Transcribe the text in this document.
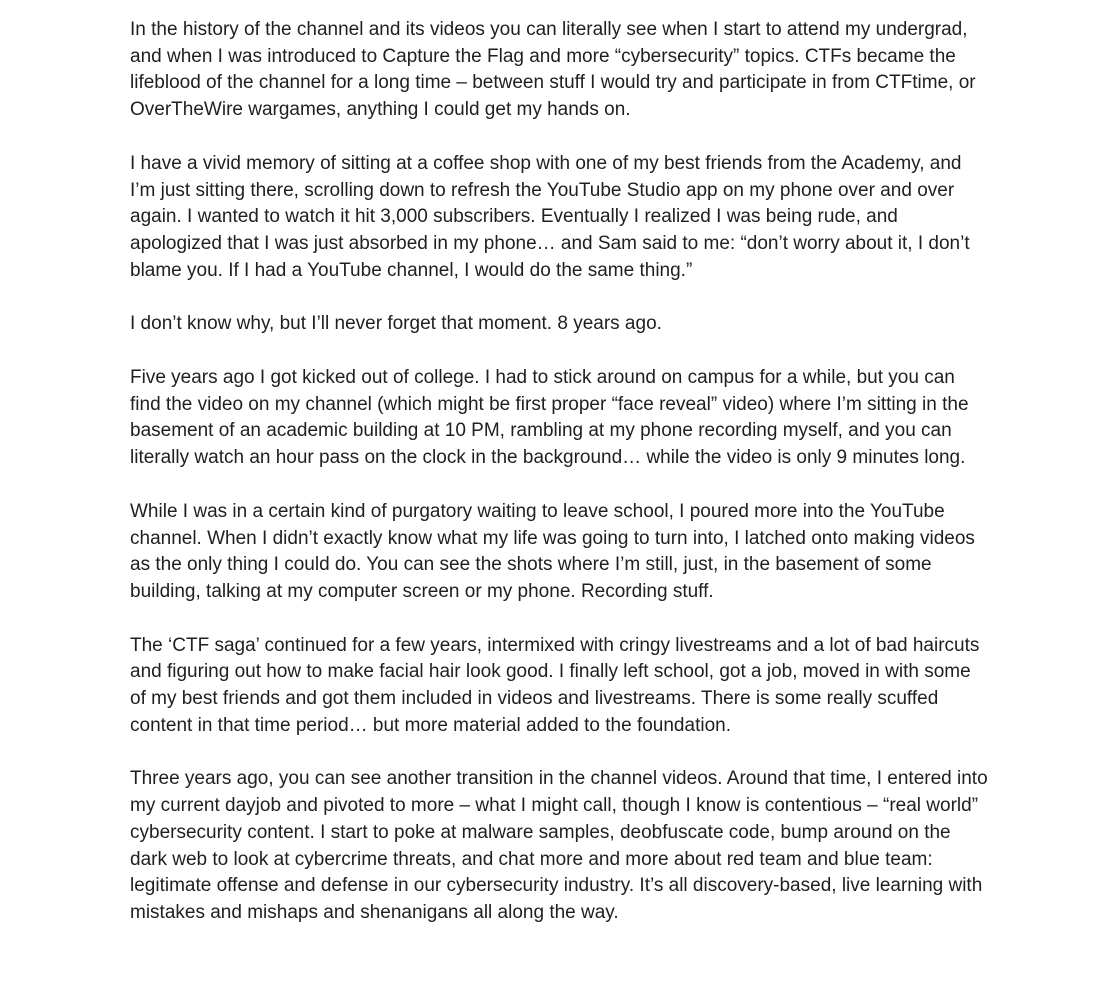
In the history of the channel and its videos you can literally see when I start to attend my undergrad, and when I was introduced to Capture the Flag and more “cybersecurity” topics. CTFs became the lifeblood of the channel for a long time – between stuff I would try and participate in from CTFtime, or OverTheWire wargames, anything I could get my hands on.

I have a vivid memory of sitting at a coffee shop with one of my best friends from the Academy, and I’m just sitting there, scrolling down to refresh the YouTube Studio app on my phone over and over again. I wanted to watch it hit 3,000 subscribers. Eventually I realized I was being rude, and apologized that I was just absorbed in my phone… and Sam said to me: “don’t worry about it, I don’t blame you. If I had a YouTube channel, I would do the same thing.”

I don’t know why, but I’ll never forget that moment. 8 years ago.

Five years ago I got kicked out of college. I had to stick around on campus for a while, but you can find the video on my channel (which might be first proper “face reveal” video) where I’m sitting in the basement of an academic building at 10 PM, rambling at my phone recording myself, and you can literally watch an hour pass on the clock in the background… while the video is only 9 minutes long.

While I was in a certain kind of purgatory waiting to leave school, I poured more into the YouTube channel. When I didn’t exactly know what my life was going to turn into, I latched onto making videos as the only thing I could do. You can see the shots where I’m still, just, in the basement of some building, talking at my computer screen or my phone. Recording stuff.

The ‘CTF saga’ continued for a few years, intermixed with cringy livestreams and a lot of bad haircuts and figuring out how to make facial hair look good. I finally left school, got a job, moved in with some of my best friends and got them included in videos and livestreams. There is some really scuffed content in that time period… but more material added to the foundation.

Three years ago, you can see another transition in the channel videos. Around that time, I entered into my current dayjob and pivoted to more – what I might call, though I know is contentious – “real world” cybersecurity content. I start to poke at malware samples, deobfuscate code, bump around on the dark web to look at cybercrime threats, and chat more and more about red team and blue team: legitimate offense and defense in our cybersecurity industry. It’s all discovery-based, live learning with mistakes and mishaps and shenanigans all along the way.
